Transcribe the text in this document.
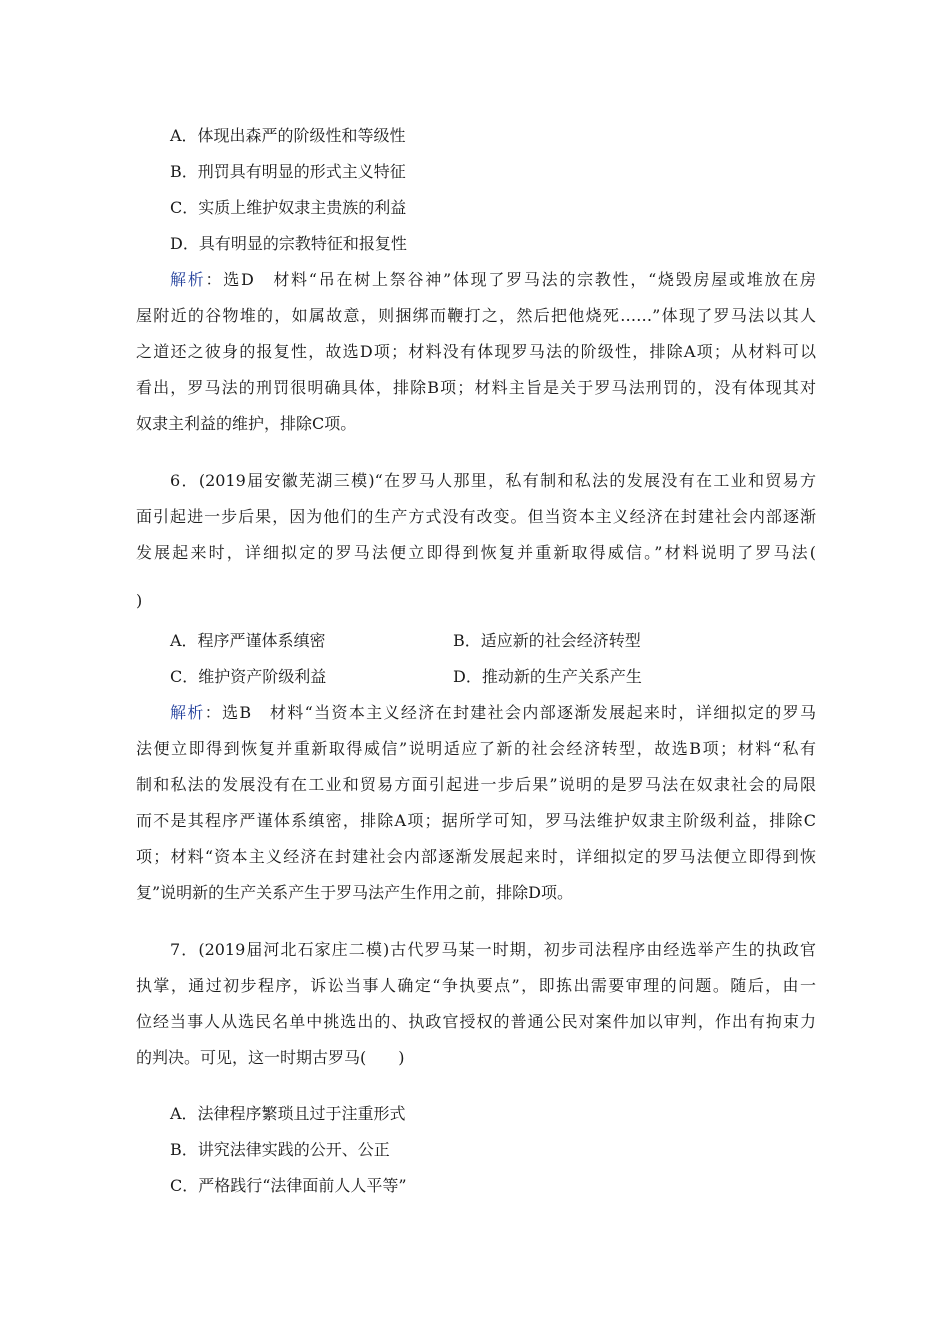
A．体现出森严的阶级性和等级性
B．刑罚具有明显的形式主义特征
C．实质上维护奴隶主贵族的利益
D．具有明显的宗教特征和报复性
解析：选D　材料“吊在树上祭谷神”体现了罗马法的宗教性，“烧毁房屋或堆放在房
屋附近的谷物堆的，如属故意，则捆绑而鞭打之，然后把他烧死……”体现了罗马法以其人
之道还之彼身的报复性，故选D项；材料没有体现罗马法的阶级性，排除A项；从材料可以
看出，罗马法的刑罚很明确具体，排除B项；材料主旨是关于罗马法刑罚的，没有体现其对
奴隶主利益的维护，排除C项。
6．(2019届安徽芜湖三模)“在罗马人那里，私有制和私法的发展没有在工业和贸易方
面引起进一步后果，因为他们的生产方式没有改变。但当资本主义经济在封建社会内部逐渐
发展起来时，详细拟定的罗马法便立即得到恢复并重新取得威信。”材料说明了罗马法(
)
A．程序严谨体系缜密	B．适应新的社会经济转型
C．维护资产阶级利益	D．推动新的生产关系产生
解析：选B　材料“当资本主义经济在封建社会内部逐渐发展起来时，详细拟定的罗马
法便立即得到恢复并重新取得威信”说明适应了新的社会经济转型，故选B项；材料“私有
制和私法的发展没有在工业和贸易方面引起进一步后果”说明的是罗马法在奴隶社会的局限
而不是其程序严谨体系缜密，排除A项；据所学可知，罗马法维护奴隶主阶级利益，排除C
项；材料“资本主义经济在封建社会内部逐渐发展起来时，详细拟定的罗马法便立即得到恢
复”说明新的生产关系产生于罗马法产生作用之前，排除D项。
7．(2019届河北石家庄二模)古代罗马某一时期，初步司法程序由经选举产生的执政官
执掌，通过初步程序，诉讼当事人确定“争执要点”，即拣出需要审理的问题。随后，由一
位经当事人从选民名单中挑选出的、执政官授权的普通公民对案件加以审判，作出有拘束力
的判决。可见，这一时期古罗马(　　)
A．法律程序繁琐且过于注重形式
B．讲究法律实践的公开、公正
C．严格践行“法律面前人人平等”
